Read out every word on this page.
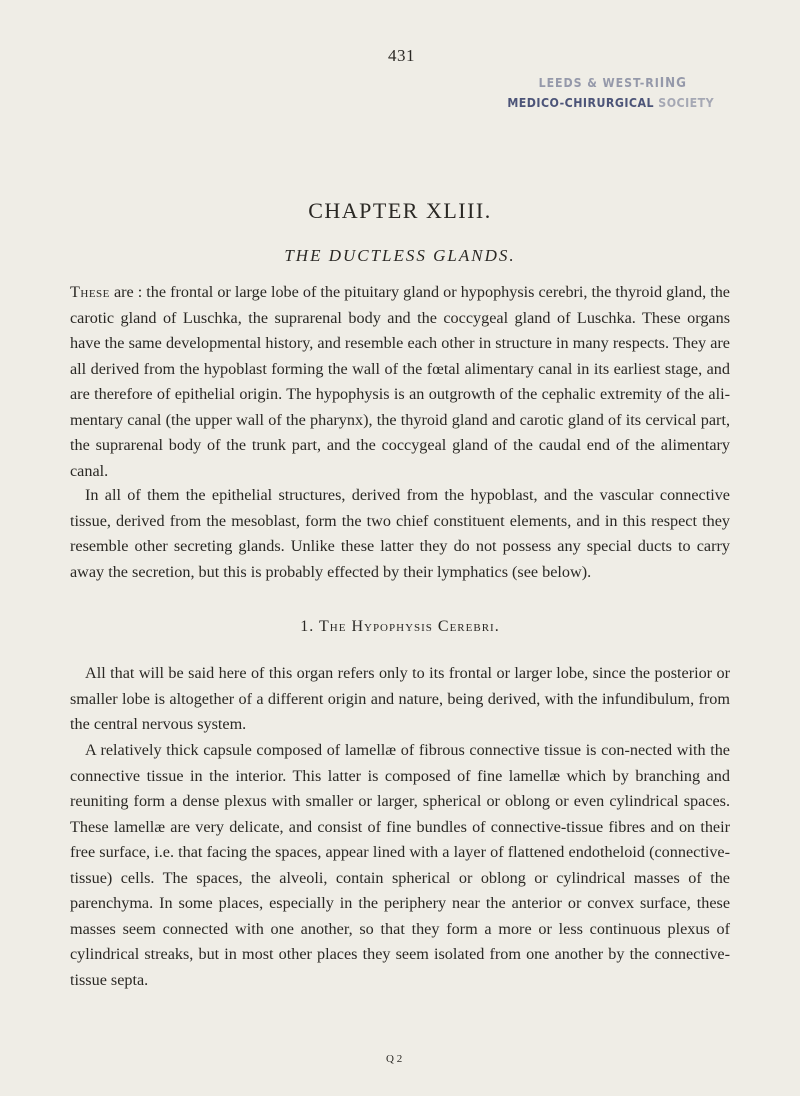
431
LEEDS & WEST-RIING
MEDICO-CHIRURGICAL SOCIETY
CHAPTER XLIII.
THE DUCTLESS GLANDS.

These are : the frontal or large lobe of the pituitary gland or hypophysis cerebri, the thyroid gland, the carotic gland of Luschka, the suprarenal body and the coccygeal gland of Luschka. These organs have the same developmental history, and resemble each other in structure in many respects. They are all derived from the hypoblast forming the wall of the fœtal alimentary canal in its earliest stage, and are therefore of epithelial origin. The hypophysis is an outgrowth of the cephalic extremity of the ali-mentary canal (the upper wall of the pharynx), the thyroid gland and carotic gland of its cervical part, the suprarenal body of the trunk part, and the coccygeal gland of the caudal end of the alimentary canal.

In all of them the epithelial structures, derived from the hypoblast, and the vascular connective tissue, derived from the mesoblast, form the two chief constituent elements, and in this respect they resemble other secreting glands. Unlike these latter they do not possess any special ducts to carry away the secretion, but this is probably effected by their lymphatics (see below).

1. The Hypophysis Cerebri.

All that will be said here of this organ refers only to its frontal or larger lobe, since the posterior or smaller lobe is altogether of a different origin and nature, being derived, with the infundibulum, from the central nervous system.

A relatively thick capsule composed of lamellæ of fibrous connective tissue is con-nected with the connective tissue in the interior. This latter is composed of fine lamellæ which by branching and reuniting form a dense plexus with smaller or larger, spherical or oblong or even cylindrical spaces. These lamellæ are very delicate, and consist of fine bundles of connective-tissue fibres and on their free surface, i.e. that facing the spaces, appear lined with a layer of flattened endotheloid (connective-tissue) cells. The spaces, the alveoli, contain spherical or oblong or cylindrical masses of the parenchyma. In some places, especially in the periphery near the anterior or convex surface, these masses seem connected with one another, so that they form a more or less continuous plexus of cylindrical streaks, but in most other places they seem isolated from one another by the connective-tissue septa.

Q 2
